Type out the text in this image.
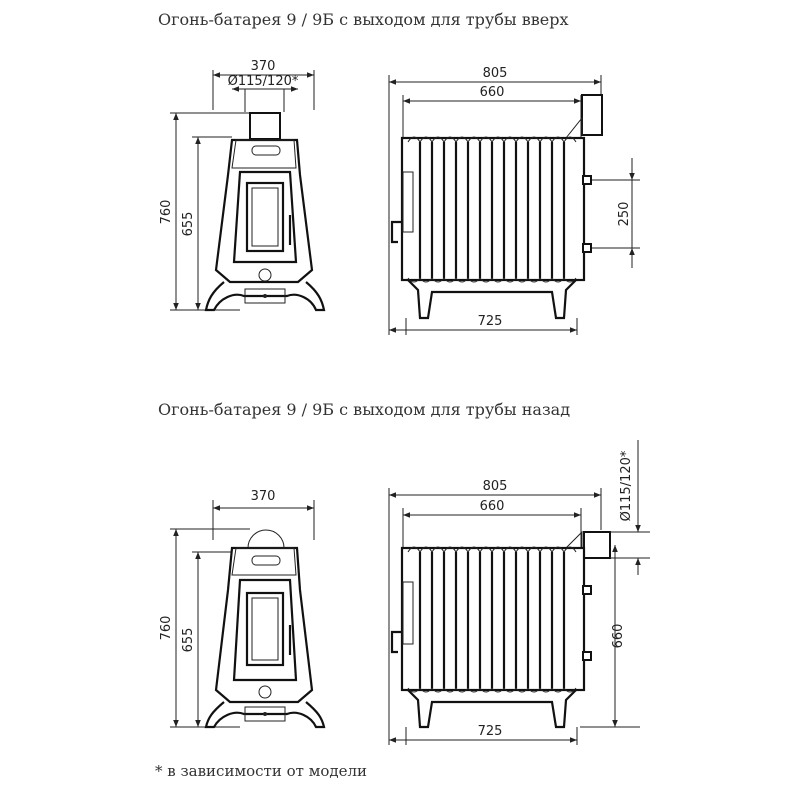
Огонь-батарея 9 / 9Б с выходом для трубы вверх
Огонь-батарея 9 / 9Б с выходом для трубы назад
* в зависимости от модели
370
Ø115/120*
760 655
805
660
250
725
370
760 655
805
660	Ø115/120*
660
725
